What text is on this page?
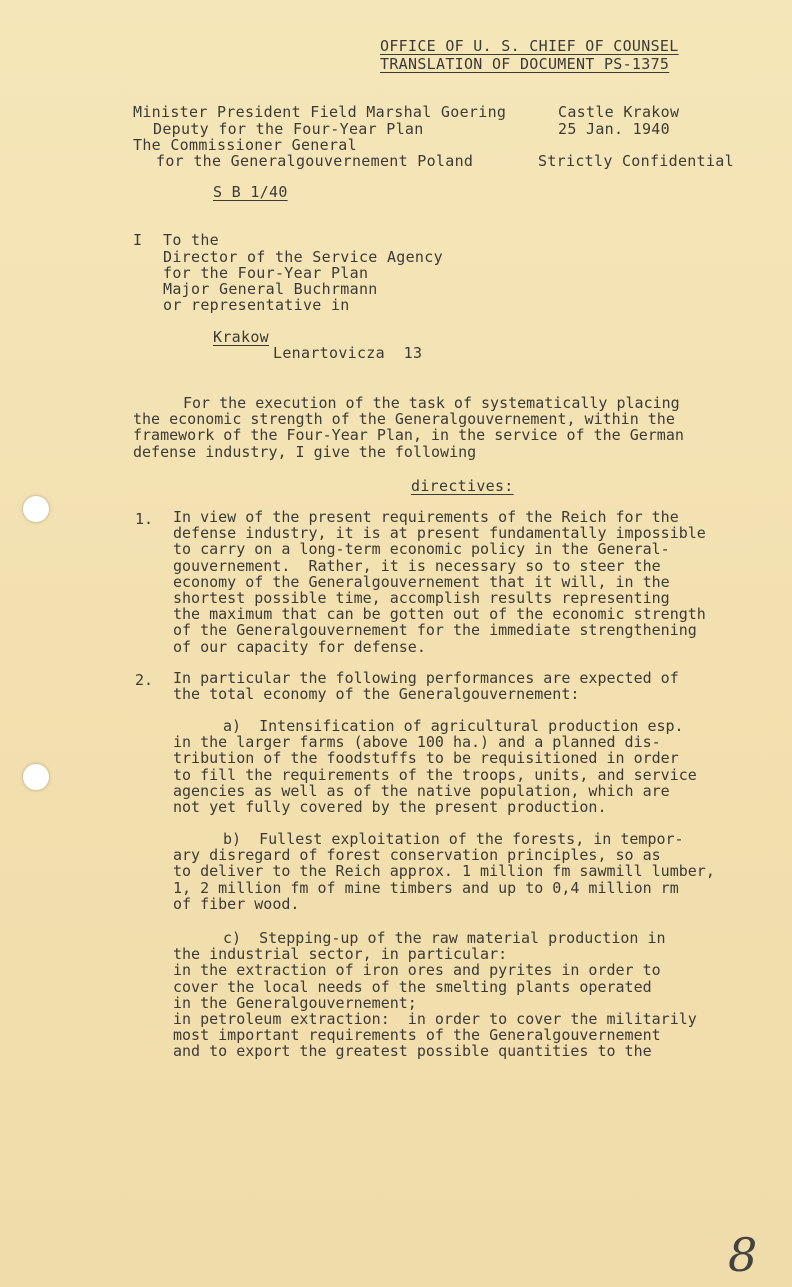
OFFICE OF U. S. CHIEF OF COUNSEL
TRANSLATION OF DOCUMENT PS-1375
Minister President Field Marshal Goering
Deputy for the Four-Year Plan
The Commissioner General
for the Generalgouvernement Poland
Castle Krakow
25 Jan. 1940
Strictly Confidential
S B 1/40
I To the
Director of the Service Agency
for the Four-Year Plan
Major General Buchrmann
or representative in
Krakow
Lenartovicza  13
For the execution of the task of systematically placing
the economic strength of the Generalgouvernement, within the
framework of the Four-Year Plan, in the service of the German
defense industry, I give the following
directives:
1. In view of the present requirements of the Reich for the
defense industry, it is at present fundamentally impossible
to carry on a long-term economic policy in the General-
gouvernement.  Rather, it is necessary so to steer the
economy of the Generalgouvernement that it will, in the
shortest possible time, accomplish results representing
the maximum that can be gotten out of the economic strength
of the Generalgouvernement for the immediate strengthening
of our capacity for defense.
2. In particular the following performances are expected of
the total economy of the Generalgouvernement:
a)  Intensification of agricultural production esp.
in the larger farms (above 100 ha.) and a planned dis-
tribution of the foodstuffs to be requisitioned in order
to fill the requirements of the troops, units, and service
agencies as well as of the native population, which are
not yet fully covered by the present production.
b)  Fullest exploitation of the forests, in tempor-
ary disregard of forest conservation principles, so as
to deliver to the Reich approx. 1 million fm sawmill lumber,
1, 2 million fm of mine timbers and up to 0,4 million rm
of fiber wood.
c)  Stepping-up of the raw material production in
the industrial sector, in particular:
in the extraction of iron ores and pyrites in order to
cover the local needs of the smelting plants operated
in the Generalgouvernement;
in petroleum extraction:  in order to cover the militarily
most important requirements of the Generalgouvernement
and to export the greatest possible quantities to the
8
